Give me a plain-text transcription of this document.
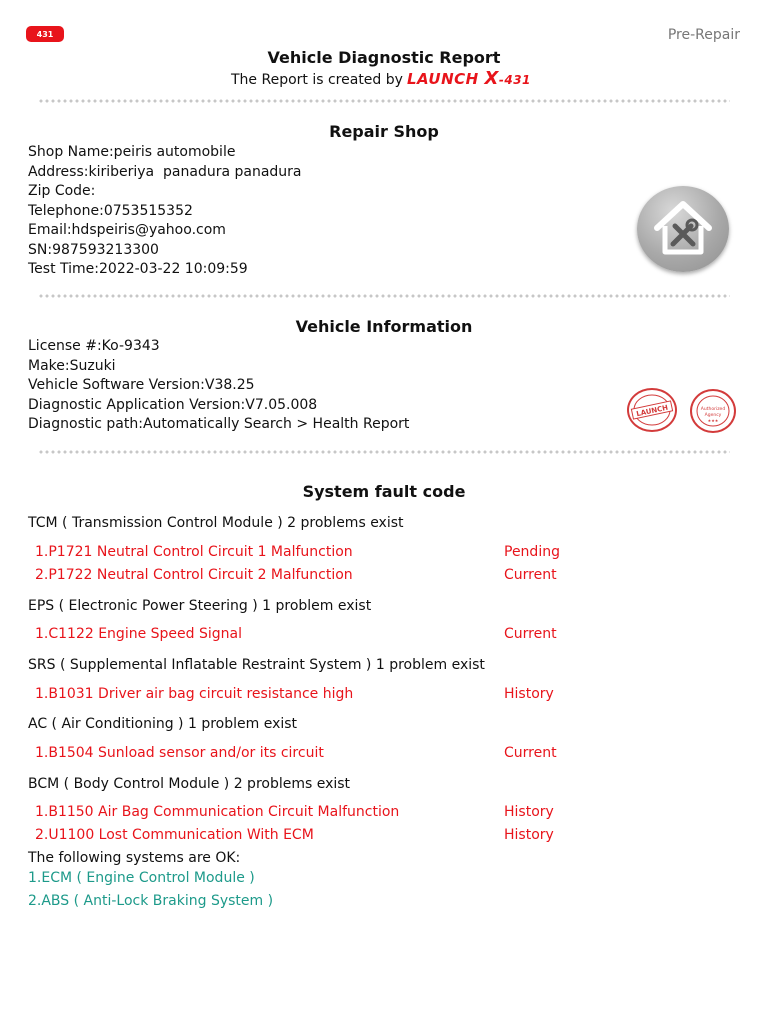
431	Pre-Repair
Vehicle Diagnostic Report
The Report is created by LAUNCH X-431
Repair Shop
Shop Name:peiris automobile
Address:kiriberiya  panadura panadura
Zip Code:
Telephone:0753515352
Email:hdspeiris@yahoo.com
SN:987593213300
Test Time:2022-03-22 10:09:59
Vehicle Information
License #:Ko-9343
Make:Suzuki
Vehicle Software Version:V38.25
Diagnostic Application Version:V7.05.008
Diagnostic path:Automatically Search > Health Report
LAUNCH	Authorized
Agency
★★★
System fault code
TCM ( Transmission Control Module ) 2 problems exist
1.P1721 Neutral Control Circuit 1 Malfunction	Pending
2.P1722 Neutral Control Circuit 2 Malfunction	Current
EPS ( Electronic Power Steering ) 1 problem exist
1.C1122 Engine Speed Signal	Current
SRS ( Supplemental Inflatable Restraint System ) 1 problem exist
1.B1031 Driver air bag circuit resistance high	History
AC ( Air Conditioning ) 1 problem exist
1.B1504 Sunload sensor and/or its circuit	Current
BCM ( Body Control Module ) 2 problems exist
1.B1150 Air Bag Communication Circuit Malfunction	History
2.U1100 Lost Communication With ECM	History
The following systems are OK:
1.ECM ( Engine Control Module )
2.ABS ( Anti-Lock Braking System )
